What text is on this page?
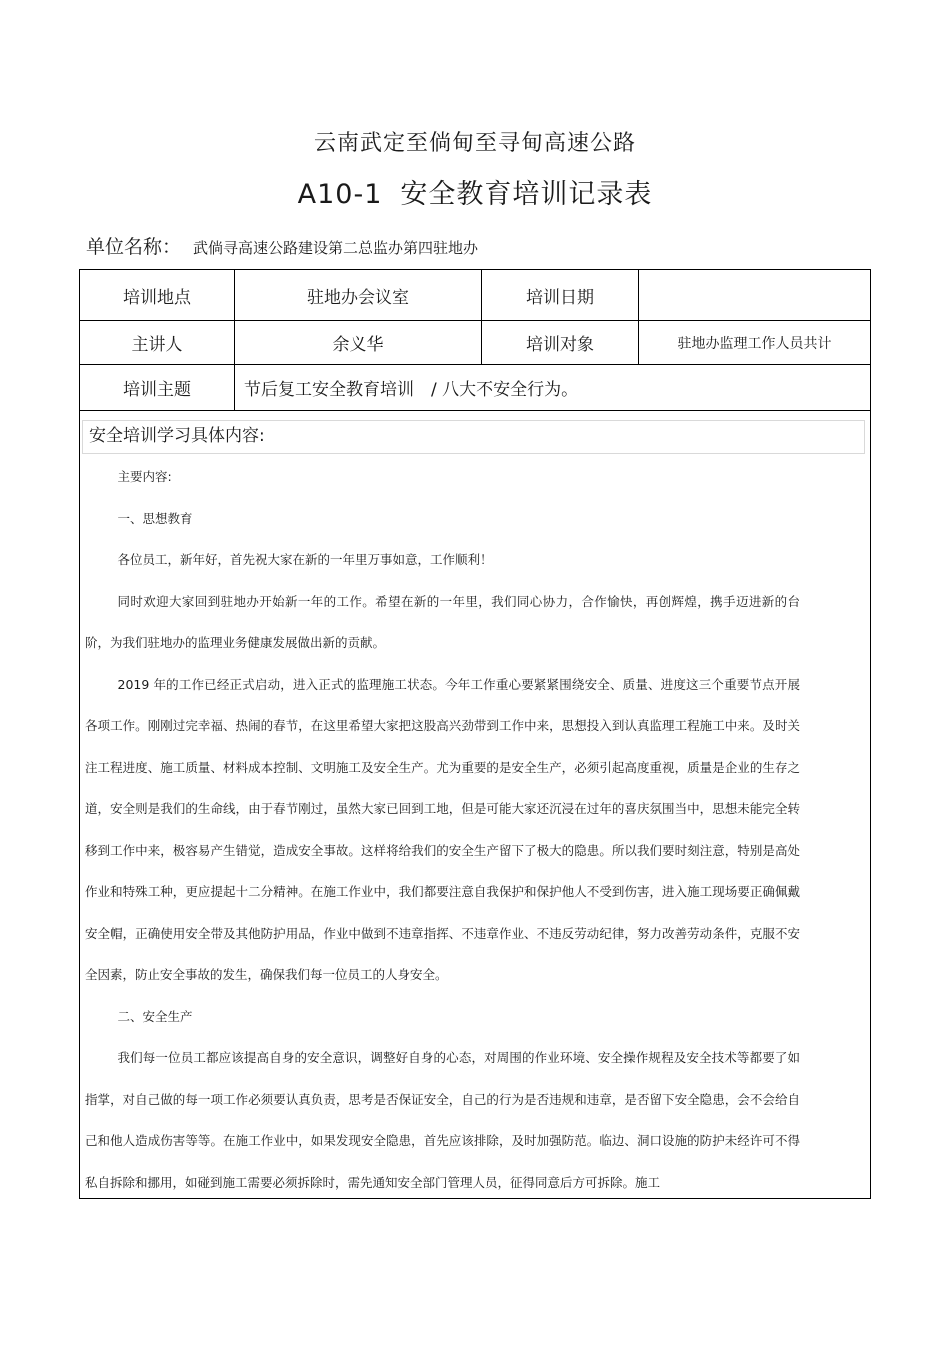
云南武定至倘甸至寻甸高速公路
A10-1 安全教育培训记录表
单位名称： 武倘寻高速公路建设第二总监办第四驻地办
培训地点	驻地办会议室	培训日期
主讲人	余义华	培训对象	驻地办监理工作人员共计
培训主题	节后复工安全教育培训　/ 八大不安全行为。
安全培训学习具体内容:

主要内容:

一、思想教育

各位员工，新年好，首先祝大家在新的一年里万事如意，工作顺利！

同时欢迎大家回到驻地办开始新一年的工作。希望在新的一年里，我们同心协力，合作愉快，再创辉煌，携手迈进新的台阶，为我们驻地办的监理业务健康发展做出新的贡献。

2019 年的工作已经正式启动，进入正式的监理施工状态。今年工作重心要紧紧围绕安全、质量、进度这三个重要节点开展各项工作。刚刚过完幸福、热闹的春节，在这里希望大家把这股高兴劲带到工作中来，思想投入到认真监理工程施工中来。及时关注工程进度、施工质量、材料成本控制、文明施工及安全生产。尤为重要的是安全生产，必须引起高度重视，质量是企业的生存之道，安全则是我们的生命线，由于春节刚过，虽然大家已回到工地，但是可能大家还沉浸在过年的喜庆氛围当中，思想未能完全转移到工作中来，极容易产生错觉，造成安全事故。这样将给我们的安全生产留下了极大的隐患。所以我们要时刻注意，特别是高处作业和特殊工种，更应提起十二分精神。在施工作业中，我们都要注意自我保护和保护他人不受到伤害，进入施工现场要正确佩戴安全帽，正确使用安全带及其他防护用品，作业中做到不违章指挥、不违章作业、不违反劳动纪律，努力改善劳动条件，克服不安全因素，防止安全事故的发生，确保我们每一位员工的人身安全。

二、安全生产

我们每一位员工都应该提高自身的安全意识，调整好自身的心态，对周围的作业环境、安全操作规程及安全技术等都要了如指掌，对自己做的每一项工作必须要认真负责，思考是否保证安全，自己的行为是否违规和违章，是否留下安全隐患，会不会给自己和他人造成伤害等等。在施工作业中，如果发现安全隐患，首先应该排除，及时加强防范。临边、洞口设施的防护未经许可不得私自拆除和挪用，如碰到施工需要必须拆除时，需先通知安全部门管理人员，征得同意后方可拆除。施工
